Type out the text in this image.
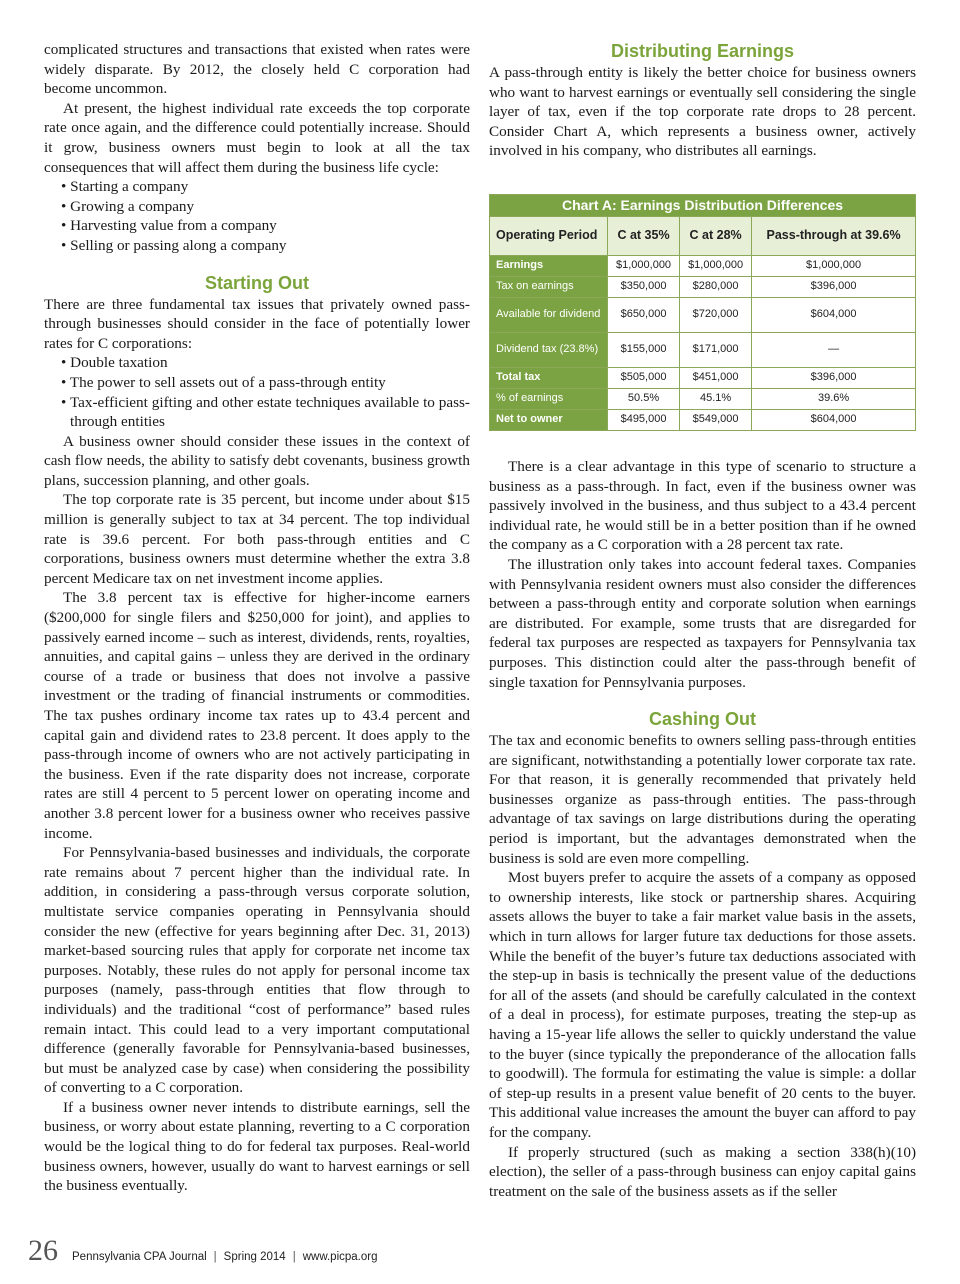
complicated structures and transactions that existed when rates were widely disparate. By 2012, the closely held C corporation had become uncommon.

At present, the highest individual rate exceeds the top corporate rate once again, and the difference could potentially increase. Should it grow, business owners must begin to look at all the tax consequences that will affect them during the business life cycle:

• Starting a company
• Growing a company
• Harvesting value from a company
• Selling or passing along a company
Starting Out

There are three fundamental tax issues that privately owned pass-through businesses should consider in the face of potentially lower rates for C corporations:

• Double taxation
• The power to sell assets out of a pass-through entity
• Tax-efficient gifting and other estate techniques available to pass-through entities

A business owner should consider these issues in the context of cash flow needs, the ability to satisfy debt covenants, business growth plans, succession planning, and other goals.

The top corporate rate is 35 percent, but income under about $15 million is generally subject to tax at 34 percent. The top individual rate is 39.6 percent. For both pass-through entities and C corporations, business owners must determine whether the extra 3.8 percent Medicare tax on net investment income applies.

The 3.8 percent tax is effective for higher-income earners ($200,000 for single filers and $250,000 for joint), and applies to passively earned income – such as interest, dividends, rents, royalties, annuities, and capital gains – unless they are derived in the ordinary course of a trade or business that does not involve a passive investment or the trading of financial instruments or commodities. The tax pushes ordinary income tax rates up to 43.4 percent and capital gain and dividend rates to 23.8 percent. It does apply to the pass-through income of owners who are not actively participating in the business. Even if the rate disparity does not increase, corporate rates are still 4 percent to 5 percent lower on operating income and another 3.8 percent lower for a business owner who receives passive income.

For Pennsylvania-based businesses and individuals, the corporate rate remains about 7 percent higher than the individual rate. In addition, in considering a pass-through versus corporate solution, multistate service companies operating in Pennsylvania should consider the new (effective for years beginning after Dec. 31, 2013) market-based sourcing rules that apply for corporate net income tax purposes. Notably, these rules do not apply for personal income tax purposes (namely, pass-through entities that flow through to individuals) and the traditional “cost of performance” based rules remain intact. This could lead to a very important computational difference (generally favorable for Pennsylvania-based businesses, but must be analyzed case by case) when considering the possibility of converting to a C corporation.

If a business owner never intends to distribute earnings, sell the business, or worry about estate planning, reverting to a C corporation would be the logical thing to do for federal tax purposes. Real-world business owners, however, usually do want to harvest earnings or sell the business eventually.

Distributing Earnings

A pass-through entity is likely the better choice for business owners who want to harvest earnings or eventually sell considering the single layer of tax, even if the top corporate rate drops to 28 percent. Consider Chart A, which represents a business owner, actively involved in his company, who distributes all earnings.

Chart A: Earnings Distribution Differences			
Operating Period	C at 35%	C at 28%	Pass-through at 39.6%
Earnings	$1,000,000	$1,000,000	$1,000,000
Tax on earnings	$350,000	$280,000	$396,000
Available for dividend	$650,000	$720,000	$604,000
Dividend tax (23.8%)	$155,000	$171,000	—
Total tax	$505,000	$451,000	$396,000
% of earnings	50.5%	45.1%	39.6%
Net to owner	$495,000	$549,000	$604,000

There is a clear advantage in this type of scenario to structure a business as a pass-through. In fact, even if the business owner was passively involved in the business, and thus subject to a 43.4 percent individual rate, he would still be in a better position than if he owned the company as a C corporation with a 28 percent tax rate.

The illustration only takes into account federal taxes. Companies with Pennsylvania resident owners must also consider the differences between a pass-through entity and corporate solution when earnings are distributed. For example, some trusts that are disregarded for federal tax purposes are respected as taxpayers for Pennsylvania tax purposes. This distinction could alter the pass-through benefit of single taxation for Pennsylvania purposes.

Cashing Out

The tax and economic benefits to owners selling pass-through entities are significant, notwithstanding a potentially lower corporate tax rate. For that reason, it is generally recommended that privately held businesses organize as pass-through entities. The pass-through advantage of tax savings on large distributions during the operating period is important, but the advantages demonstrated when the business is sold are even more compelling.

Most buyers prefer to acquire the assets of a company as opposed to ownership interests, like stock or partnership shares. Acquiring assets allows the buyer to take a fair market value basis in the assets, which in turn allows for larger future tax deductions for those assets. While the benefit of the buyer’s future tax deductions associated with the step-up in basis is technically the present value of the deductions for all of the assets (and should be carefully calculated in the context of a deal in process), for estimate purposes, treating the step-up as having a 15-year life allows the seller to quickly understand the value to the buyer (since typically the preponderance of the allocation falls to goodwill). The formula for estimating the value is simple: a dollar of step-up results in a present value benefit of 20 cents to the buyer. This additional value increases the amount the buyer can afford to pay for the company.

If properly structured (such as making a section 338(h)(10) election), the seller of a pass-through business can enjoy capital gains treatment on the sale of the business assets as if the seller

26 Pennsylvania CPA Journal | Spring 2014 | www.picpa.org
